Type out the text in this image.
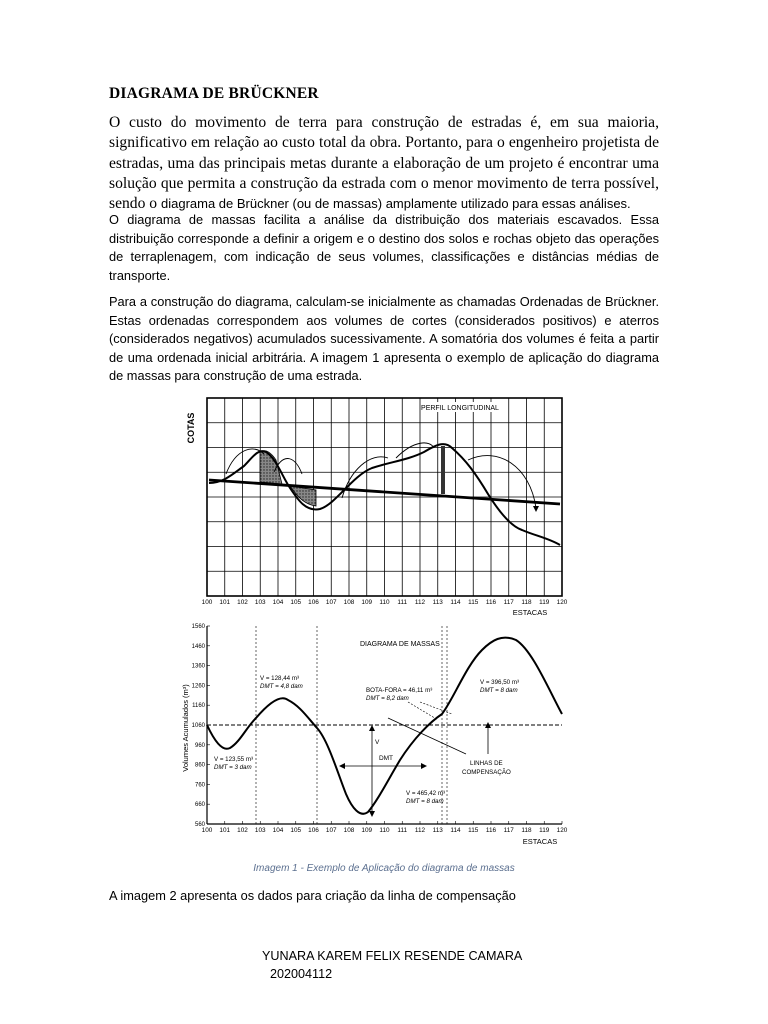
DIAGRAMA DE BRÜCKNER
O custo do movimento de terra para construção de estradas é, em sua maioria, significativo em relação ao custo total da obra. Portanto, para o engenheiro projetista de estradas, uma das principais metas durante a elaboração de um projeto é encontrar uma solução que permita a construção da estrada com o menor movimento de terra possível, sendo o diagrama de Brückner (ou de massas) amplamente utilizado para essas análises.
O diagrama de massas facilita a análise da distribuição dos materiais escavados. Essa distribuição corresponde a definir a origem e o destino dos solos e rochas objeto das operações de terraplenagem, com indicação de seus volumes, classificações e distâncias médias de transporte.
Para a construção do diagrama, calculam-se inicialmente as chamadas Ordenadas de Brückner. Estas ordenadas correspondem aos volumes de cortes (considerados positivos) e aterros (considerados negativos) acumulados sucessivamente. A somatória dos volumes é feita a partir de uma ordenada inicial arbitrária. A imagem 1 apresenta o exemplo de aplicação do diagrama de massas para construção de uma estrada.
COTAS
PERFIL LONGITUDINAL
100 101 102 103 104 105 106 107 108 109 110 111 112 113 114 115 116 117 118 119 120
ESTACAS
1560
1460
1360
1260
1160
1060
960
860
760
660
560
Volumes Acumulados (m³)
DIAGRAMA DE MASSAS
V
DMT
V = 128,44 m³
DMT = 4,8 dam
V = 123,55 m³
DMT = 3 dam
BOTA-FORA = 46,11 m³
DMT = 8,2 dam
V = 396,50 m³
DMT = 8 dam
V = 465,42 m³
DMT = 8 dam
LINHAS DE
COMPENSAÇÃO
100 101 102 103 104 105 106 107 108 109 110 111 112 113 114 115 116 117 118 119 120
ESTACAS
Imagem 1 - Exemplo de Aplicação do diagrama de massas
A imagem 2 apresenta os dados para criação da linha de compensação
YUNARA KAREM FELIX RESENDE CAMARA
202004112
